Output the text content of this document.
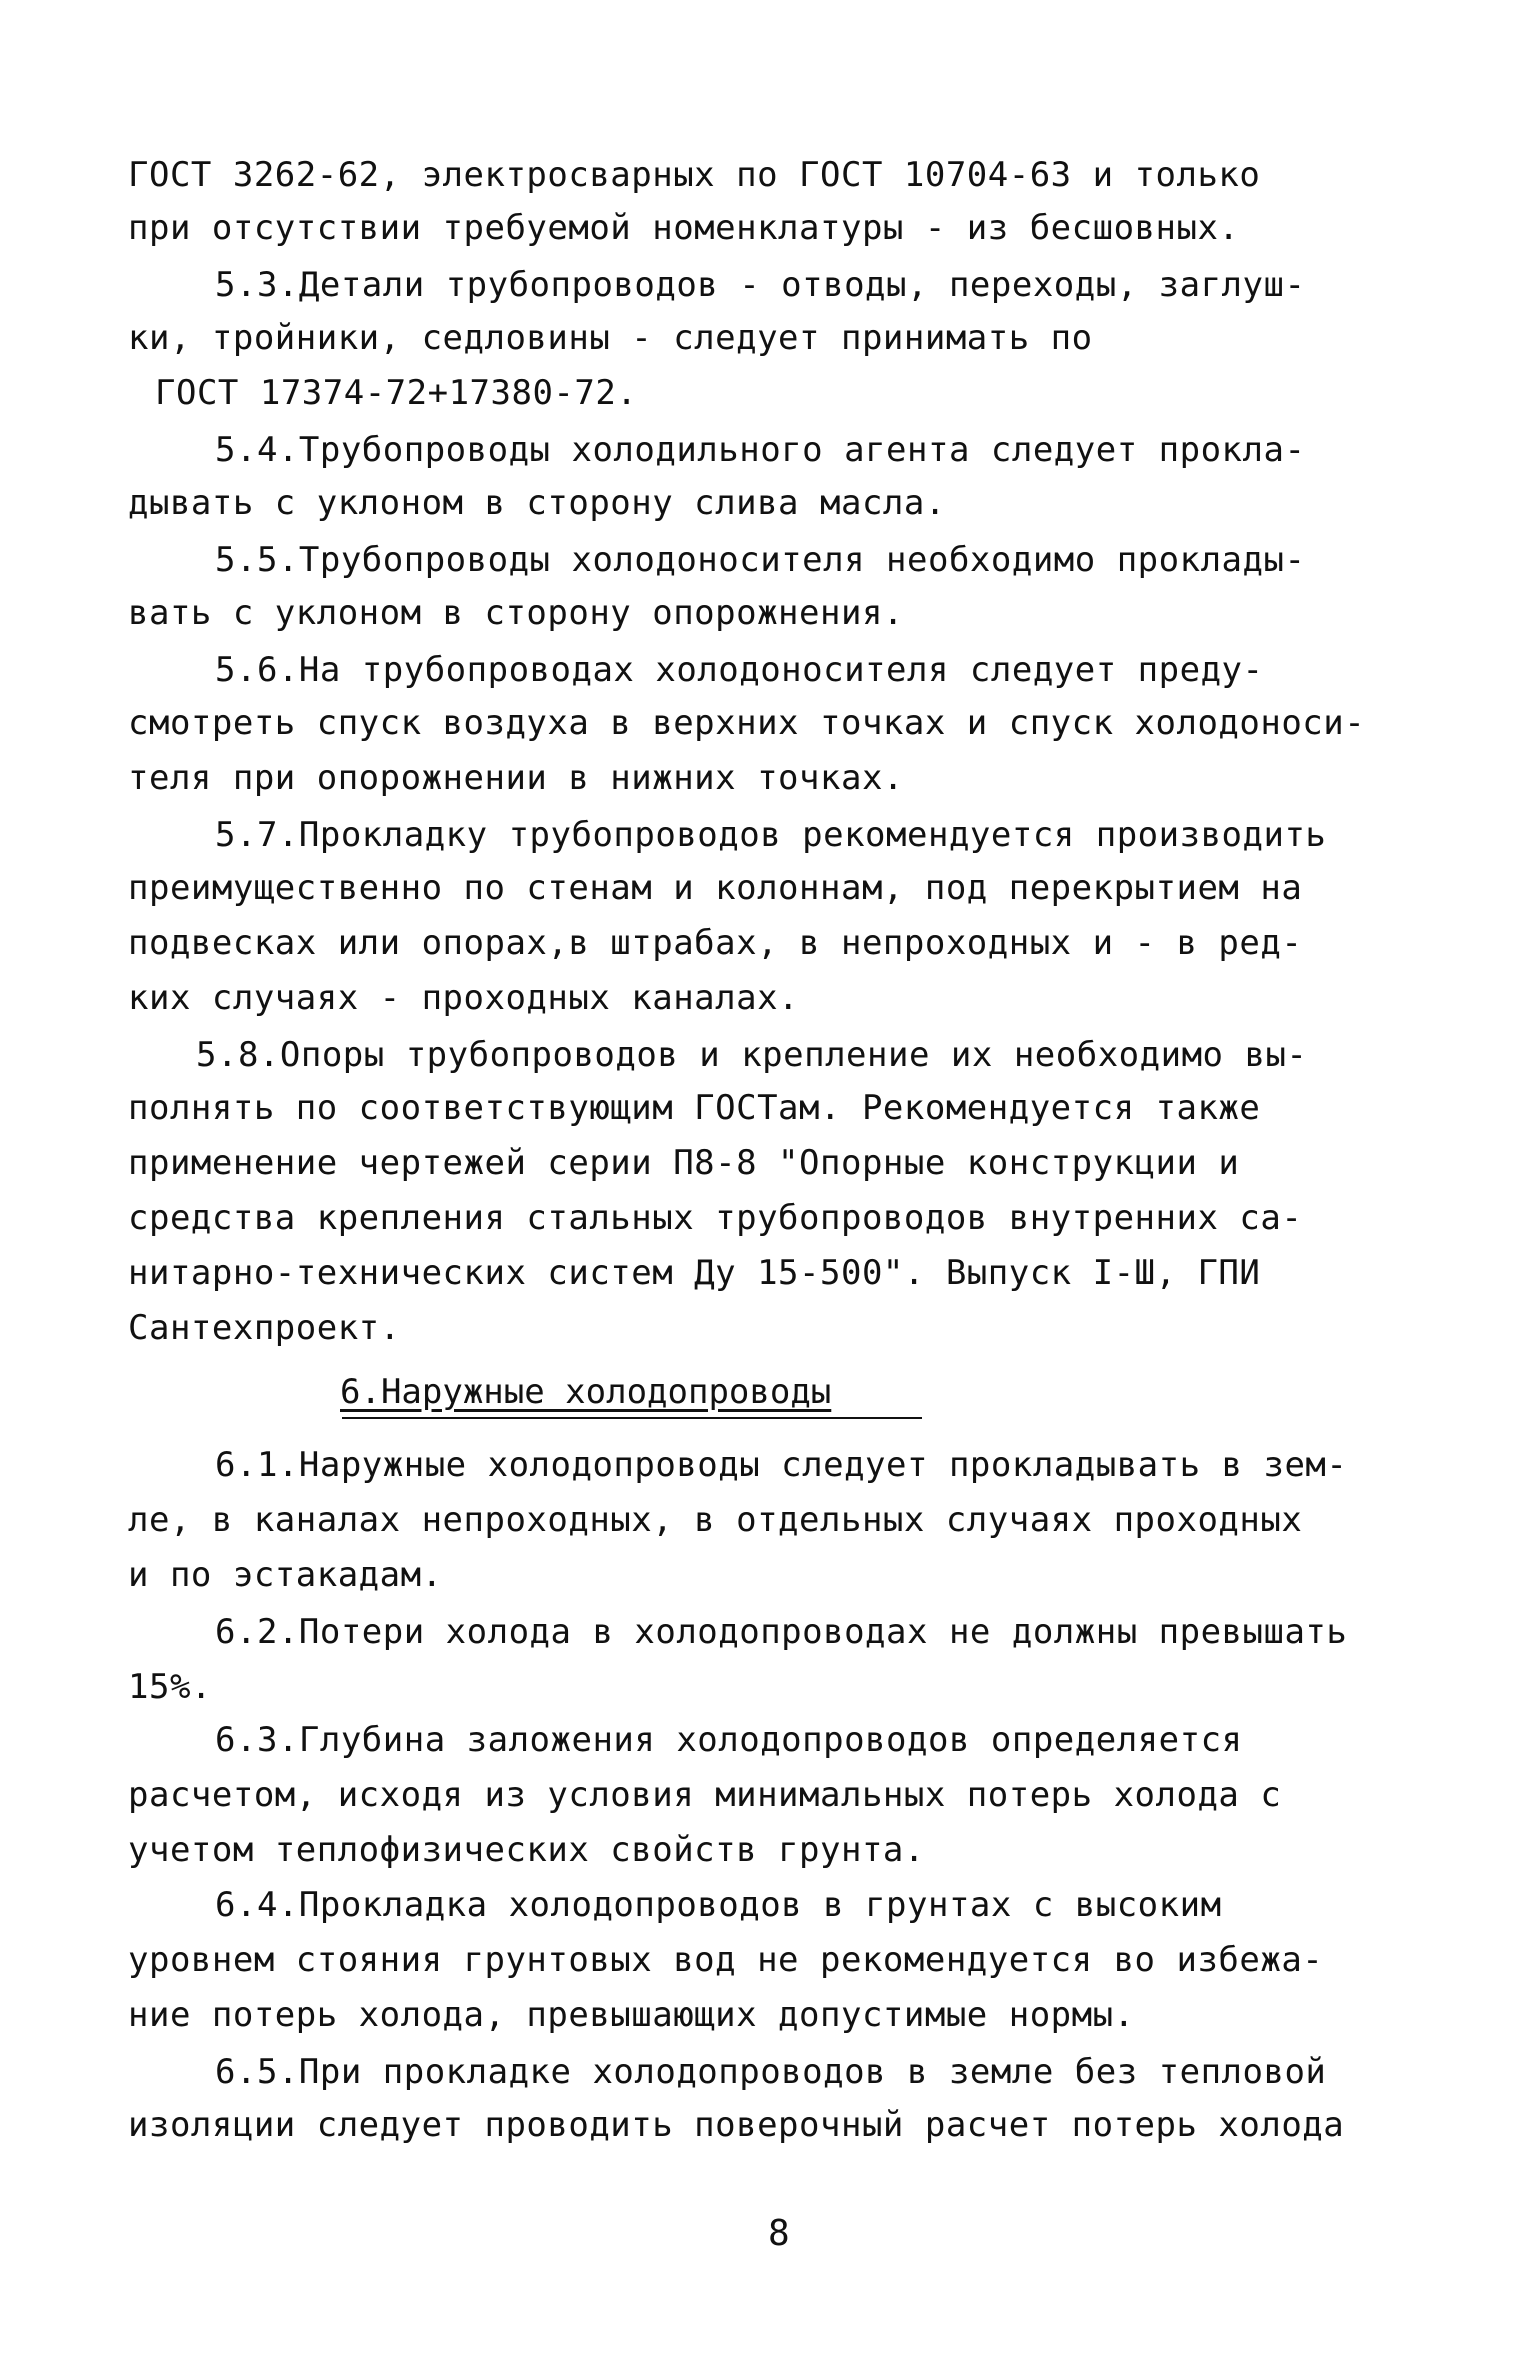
ГОСТ 3262-62, электросварных по ГОСТ 10704-63 и только
при отсутствии требуемой номенклатуры - из бесшовных.
5.3.Детали трубопроводов - отводы, переходы, заглуш-
ки, тройники, седловины - следует принимать по
ГОСТ 17374-72+17380-72.
5.4.Трубопроводы холодильного агента следует прокла-
дывать с уклоном в сторону слива масла.
5.5.Трубопроводы холодоносителя необходимо проклады-
вать с уклоном в сторону опорожнения.
5.6.На трубопроводах холодоносителя следует преду-
смотреть спуск воздуха в верхних точках и спуск холодоноси-
теля при опорожнении в нижних точках.
5.7.Прокладку трубопроводов рекомендуется производить
преимущественно по стенам и колоннам, под перекрытием на
подвесках или опорах,в штрабах, в непроходных и - в ред-
ких случаях - проходных каналах.
5.8.Опоры трубопроводов и крепление их необходимо вы-
полнять по соответствующим ГОСТам. Рекомендуется также
применение чертежей серии П8-8 "Опорные конструкции и
средства крепления стальных трубопроводов внутренних са-
нитарно-технических систем Ду 15-500". Выпуск I-Ш, ГПИ
Сантехпроект.
6.Наружные холодопроводы
6.1.Наружные холодопроводы следует прокладывать в зем-
ле, в каналах непроходных, в отдельных случаях проходных
и по эстакадам.
6.2.Потери холода в холодопроводах не должны превышать
15%.
6.3.Глубина заложения холодопроводов определяется
расчетом, исходя из условия минимальных потерь холода с
учетом теплофизических свойств грунта.
6.4.Прокладка холодопроводов в грунтах с высоким
уровнем стояния грунтовых вод не рекомендуется во избежа-
ние потерь холода, превышающих допустимые нормы.
6.5.При прокладке холодопроводов в земле без тепловой
изоляции следует проводить поверочный расчет потерь холода
8
